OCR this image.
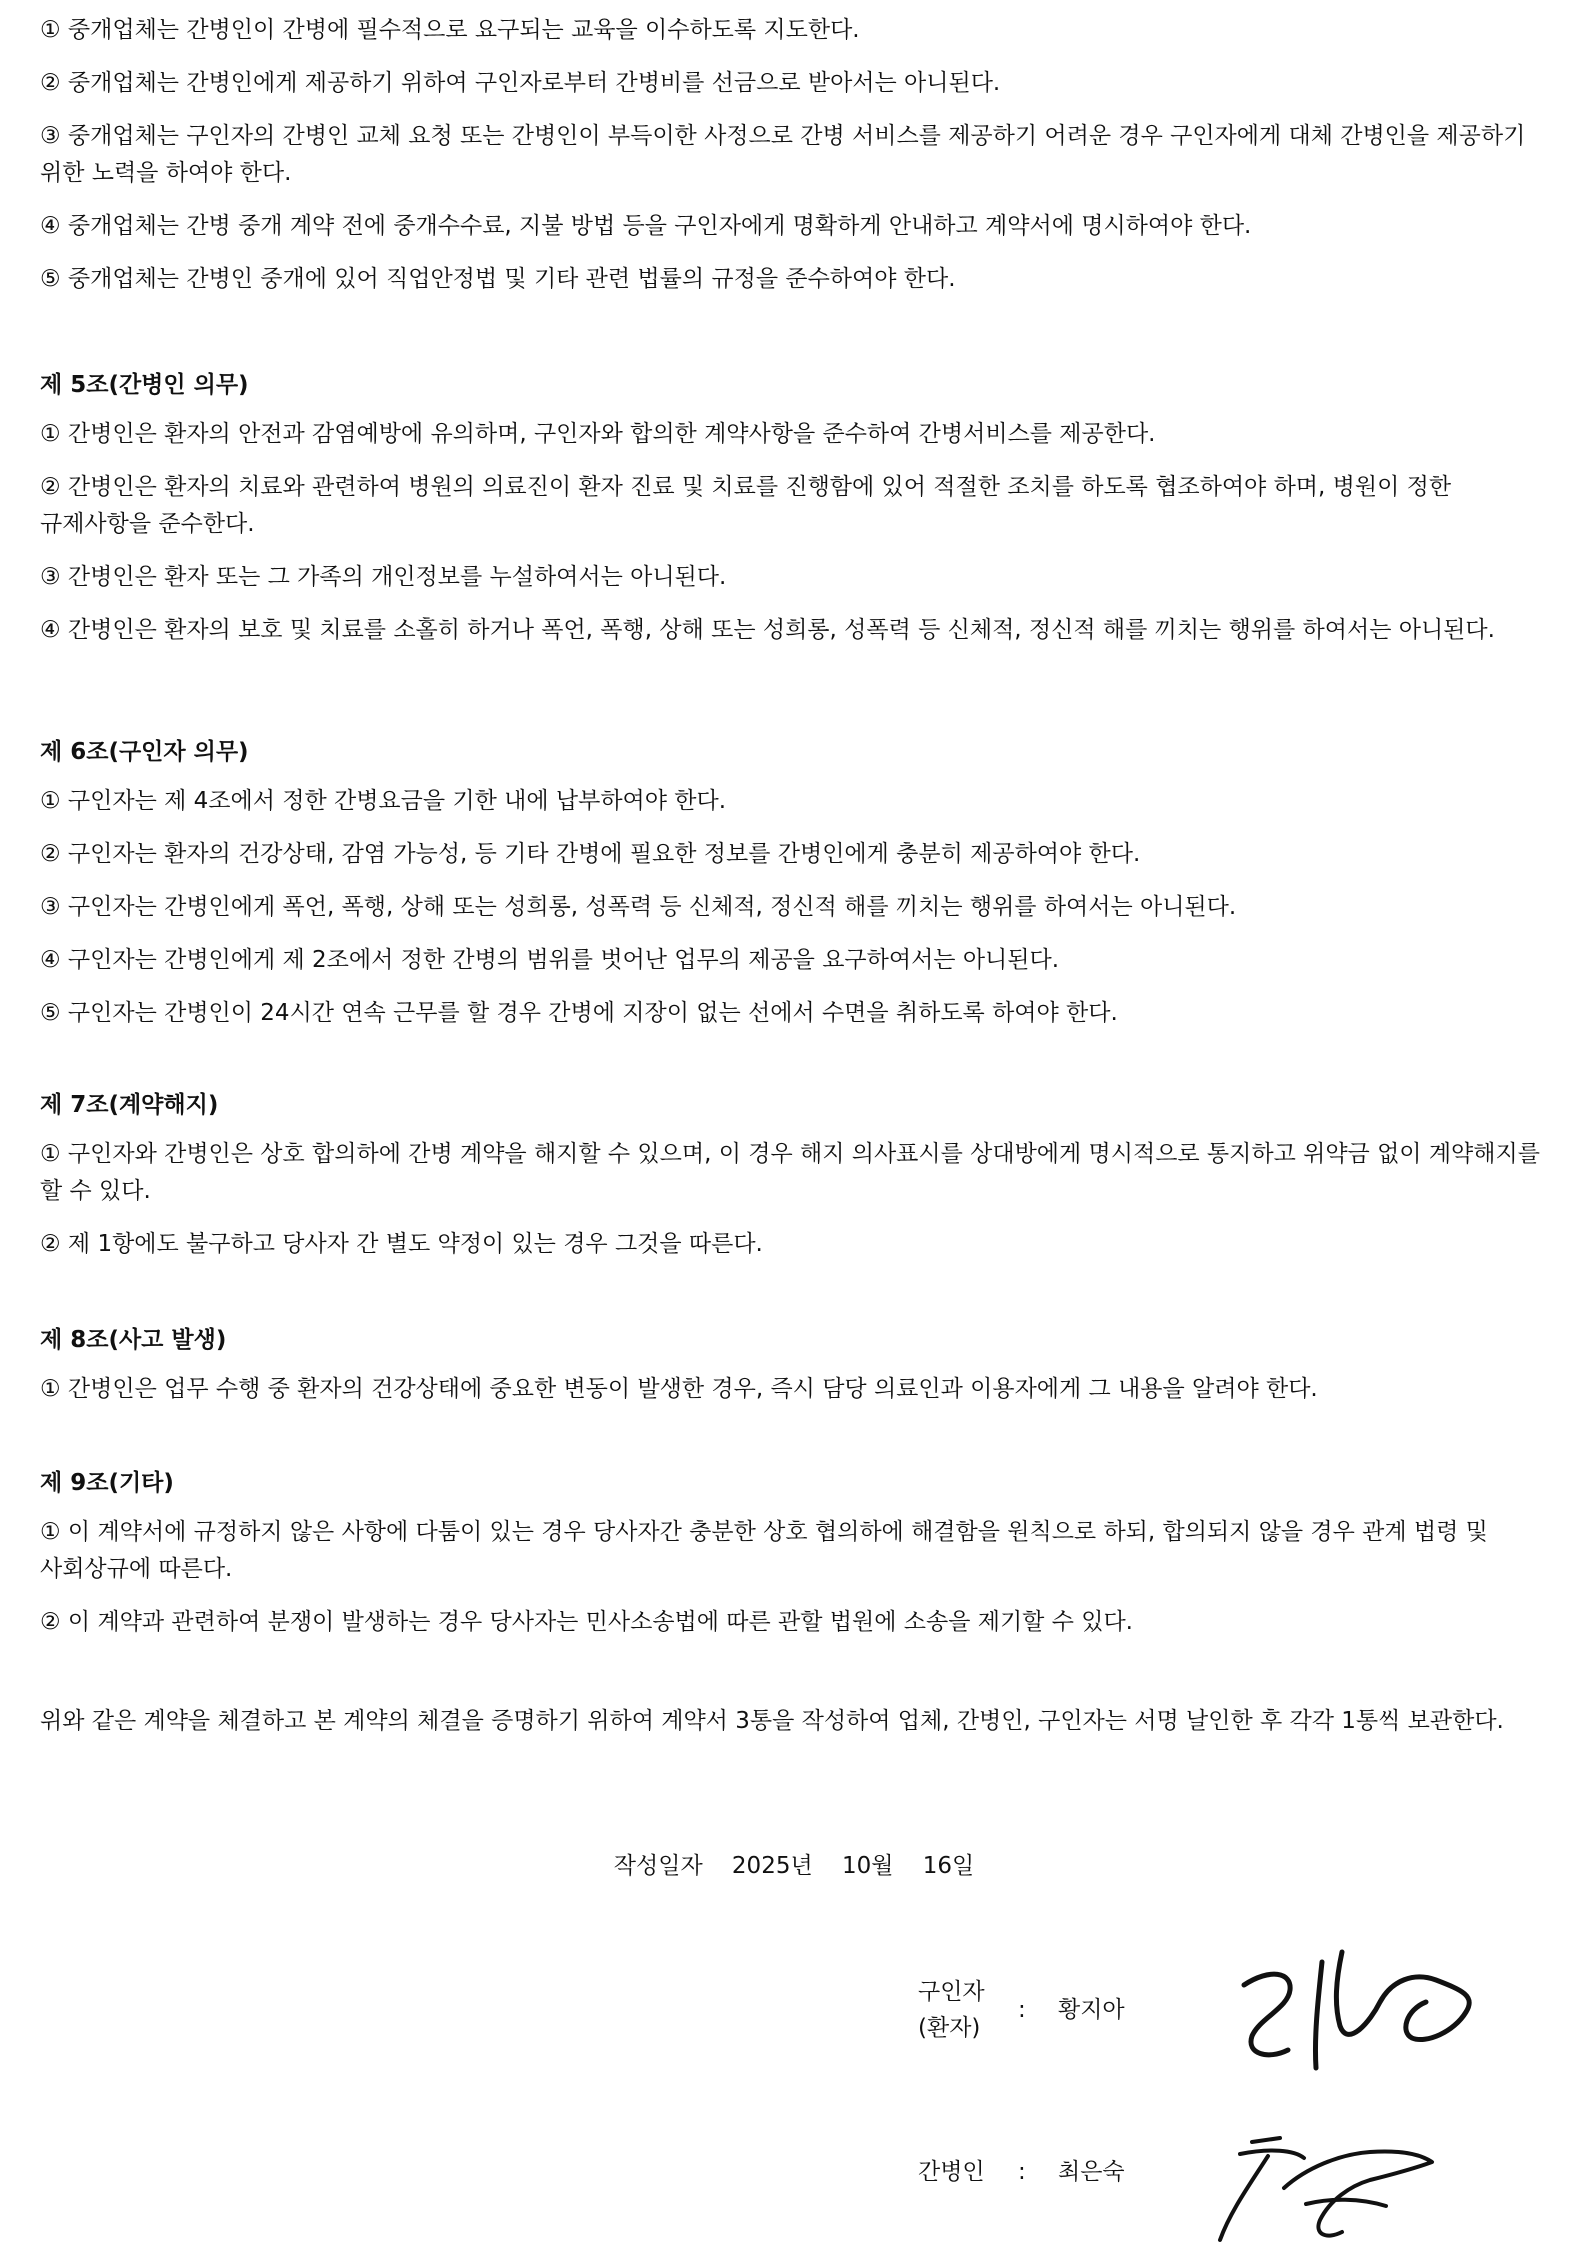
① 중개업체는 간병인이 간병에 필수적으로 요구되는 교육을 이수하도록 지도한다.
② 중개업체는 간병인에게 제공하기 위하여 구인자로부터 간병비를 선금으로 받아서는 아니된다.
③ 중개업체는 구인자의 간병인 교체 요청 또는 간병인이 부득이한 사정으로 간병 서비스를 제공하기 어려운 경우 구인자에게 대체 간병인을 제공하기 위한 노력을 하여야 한다.
④ 중개업체는 간병 중개 계약 전에 중개수수료, 지불 방법 등을 구인자에게 명확하게 안내하고 계약서에 명시하여야 한다.
⑤ 중개업체는 간병인 중개에 있어 직업안정법 및 기타 관련 법률의 규정을 준수하여야 한다.
제 5조(간병인 의무)
① 간병인은 환자의 안전과 감염예방에 유의하며, 구인자와 합의한 계약사항을 준수하여 간병서비스를 제공한다.
② 간병인은 환자의 치료와 관련하여 병원의 의료진이 환자 진료 및 치료를 진행함에 있어 적절한 조치를 하도록 협조하여야 하며, 병원이 정한 규제사항을 준수한다.
③ 간병인은 환자 또는 그 가족의 개인정보를 누설하여서는 아니된다.
④ 간병인은 환자의 보호 및 치료를 소홀히 하거나 폭언, 폭행, 상해 또는 성희롱, 성폭력 등 신체적, 정신적 해를 끼치는 행위를 하여서는 아니된다.
제 6조(구인자 의무)
① 구인자는 제 4조에서 정한 간병요금을 기한 내에 납부하여야 한다.
② 구인자는 환자의 건강상태, 감염 가능성, 등 기타 간병에 필요한 정보를 간병인에게 충분히 제공하여야 한다.
③ 구인자는 간병인에게 폭언, 폭행, 상해 또는 성희롱, 성폭력 등 신체적, 정신적 해를 끼치는 행위를 하여서는 아니된다.
④ 구인자는 간병인에게 제 2조에서 정한 간병의 범위를 벗어난 업무의 제공을 요구하여서는 아니된다.
⑤ 구인자는 간병인이 24시간 연속 근무를 할 경우 간병에 지장이 없는 선에서 수면을 취하도록 하여야 한다.
제 7조(계약해지)
① 구인자와 간병인은 상호 합의하에 간병 계약을 해지할 수 있으며, 이 경우 해지 의사표시를 상대방에게 명시적으로 통지하고 위약금 없이 계약해지를 할 수 있다.
② 제 1항에도 불구하고 당사자 간 별도 약정이 있는 경우 그것을 따른다.
제 8조(사고 발생)
① 간병인은 업무 수행 중 환자의 건강상태에 중요한 변동이 발생한 경우, 즉시 담당 의료인과 이용자에게 그 내용을 알려야 한다.
제 9조(기타)
① 이 계약서에 규정하지 않은 사항에 다툼이 있는 경우 당사자간 충분한 상호 협의하에 해결함을 원칙으로 하되, 합의되지 않을 경우 관계 법령 및 사회상규에 따른다.
② 이 계약과 관련하여 분쟁이 발생하는 경우 당사자는 민사소송법에 따른 관할 법원에 소송을 제기할 수 있다.
위와 같은 계약을 체결하고 본 계약의 체결을 증명하기 위하여 계약서 3통을 작성하여 업체, 간병인, 구인자는 서명 날인한 후 각각 1통씩 보관한다.
작성일자 2025년 10월 16일
구인자
(환자)
: 황지아
간병인	: 최은숙
